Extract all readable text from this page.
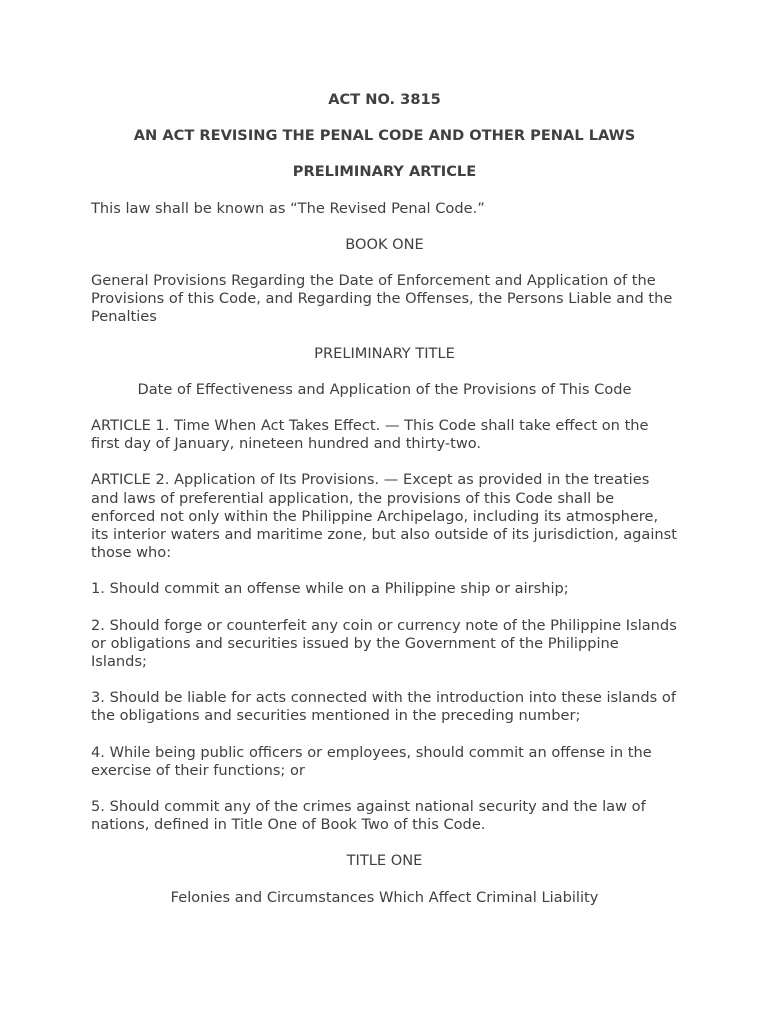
ACT NO. 3815

AN ACT REVISING THE PENAL CODE AND OTHER PENAL LAWS

PRELIMINARY ARTICLE

This law shall be known as “The Revised Penal Code.”

BOOK ONE

General Provisions Regarding the Date of Enforcement and Application of the Provisions of this Code, and Regarding the Offenses, the Persons Liable and the Penalties

PRELIMINARY TITLE

Date of Effectiveness and Application of the Provisions of This Code

ARTICLE 1. Time When Act Takes Effect. — This Code shall take effect on the first day of January, nineteen hundred and thirty-two.

ARTICLE 2. Application of Its Provisions. — Except as provided in the treaties and laws of preferential application, the provisions of this Code shall be enforced not only within the Philippine Archipelago, including its atmosphere, its interior waters and maritime zone, but also outside of its jurisdiction, against those who:

1. Should commit an offense while on a Philippine ship or airship;

2. Should forge or counterfeit any coin or currency note of the Philippine Islands or obligations and securities issued by the Government of the Philippine Islands;

3. Should be liable for acts connected with the introduction into these islands of the obligations and securities mentioned in the preceding number;

4. While being public officers or employees, should commit an offense in the exercise of their functions; or

5. Should commit any of the crimes against national security and the law of nations, defined in Title One of Book Two of this Code.

TITLE ONE

Felonies and Circumstances Which Affect Criminal Liability
